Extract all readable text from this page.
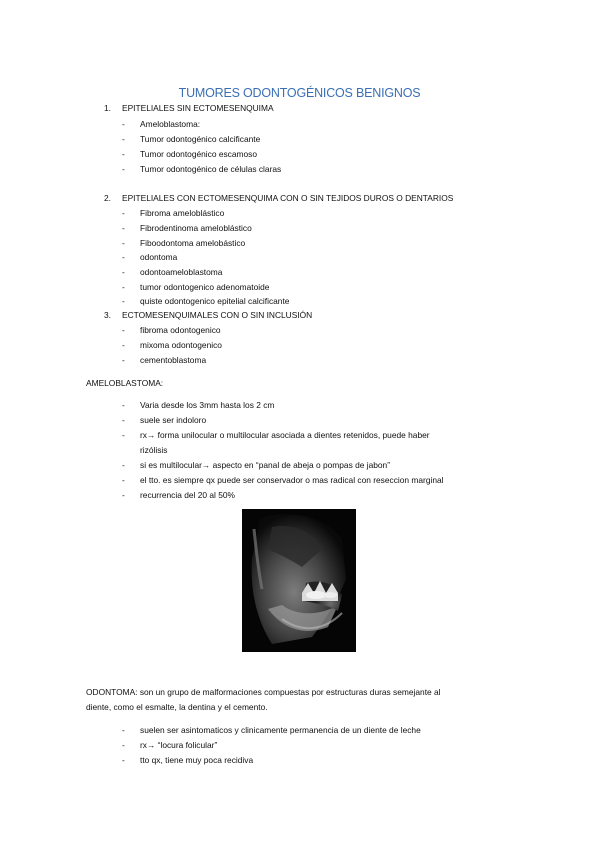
TUMORES ODONTOGÉNICOS BENIGNOS
1. EPITELIALES SIN ECTOMESENQUIMA
- Ameloblastoma:
- Tumor odontogénico calcificante
- Tumor odontogénico escamoso
- Tumor odontogénico de células claras
2. EPITELIALES CON ECTOMESENQUIMA CON O SIN TEJIDOS DUROS O DENTARIOS
- Fibroma ameloblástico
- Fibrodentinoma ameloblástico
- Fiboodontoma amelobástico
- odontoma
- odontoameloblastoma
- tumor odontogenico adenomatoide
- quiste odontogenico epitelial calcificante
3. ECTOMESENQUIMALES CON O SIN INCLUSIÓN
- fibroma odontogenico
- mixoma odontogenico
- cementoblastoma
AMELOBLASTOMA:
- Varia desde los 3mm hasta los 2 cm
- suele ser indoloro
- rx→ forma unilocular o multilocular asociada a dientes retenidos, puede haber
rizólisis
- si es multilocular→ aspecto en “panal de abeja o pompas de jabon”
- el tto. es siempre qx puede ser conservador o mas radical con reseccion marginal
- recurrencia del 20 al 50%
ODONTOMA: son un grupo de malformaciones compuestas por estructuras duras semejante al
diente, como el esmalte, la dentina y el cemento.
- suelen ser asintomaticos y clinicamente permanencia de un diente de leche
- rx→ “locura folicular”
- tto qx, tiene muy poca recidiva
